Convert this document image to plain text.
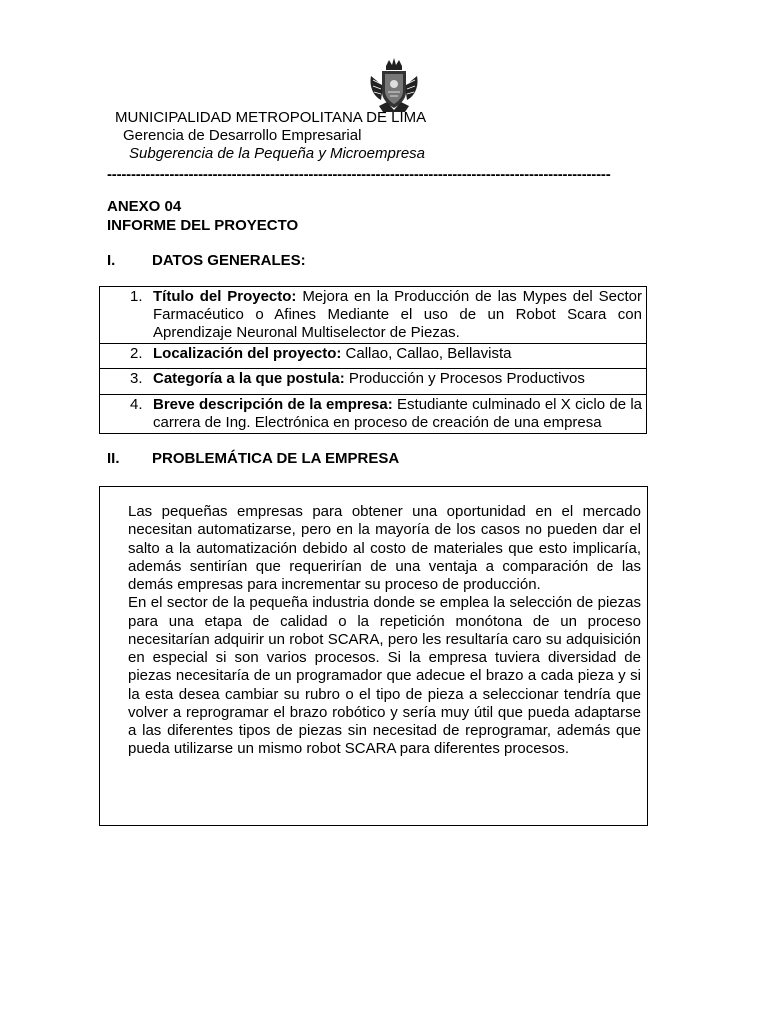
MUNICIPALIDAD METROPOLITANA DE LIMA
Gerencia de Desarrollo Empresarial
Subgerencia de la Pequeña y Microempresa
---------------------------------------------------------------------------------------------------------
ANEXO 04
INFORME DEL PROYECTO
I. DATOS GENERALES:
1. Título del Proyecto: Mejora en la Producción de las Mypes del Sector Farmacéutico o Afines Mediante el uso de un Robot Scara con Aprendizaje Neuronal Multiselector de Piezas.
2. Localización del proyecto: Callao, Callao, Bellavista
3. Categoría a la que postula: Producción y Procesos Productivos
4. Breve descripción de la empresa: Estudiante culminado el X ciclo de la carrera de Ing. Electrónica en proceso de creación de una empresa
II. PROBLEMÁTICA DE LA EMPRESA

Las pequeñas empresas para obtener una oportunidad en el mercado necesitan automatizarse, pero en la mayoría de los casos no pueden dar el salto a la automatización debido al costo de materiales que esto implicaría, además sentirían que requerirían de una ventaja a comparación de las demás empresas para incrementar su proceso de producción.

En el sector de la pequeña industria donde se emplea la selección de piezas para una etapa de calidad o la repetición monótona de un proceso necesitarían adquirir un robot SCARA, pero les resultaría caro su adquisición en especial si son varios procesos. Si la empresa tuviera diversidad de piezas necesitaría de un programador que adecue el brazo a cada pieza y si la esta desea cambiar su rubro o el tipo de pieza a seleccionar tendría que volver a reprogramar el brazo robótico y sería muy útil que pueda adaptarse a las diferentes tipos de piezas sin necesitad de reprogramar, además que pueda utilizarse un mismo robot SCARA para diferentes procesos.
